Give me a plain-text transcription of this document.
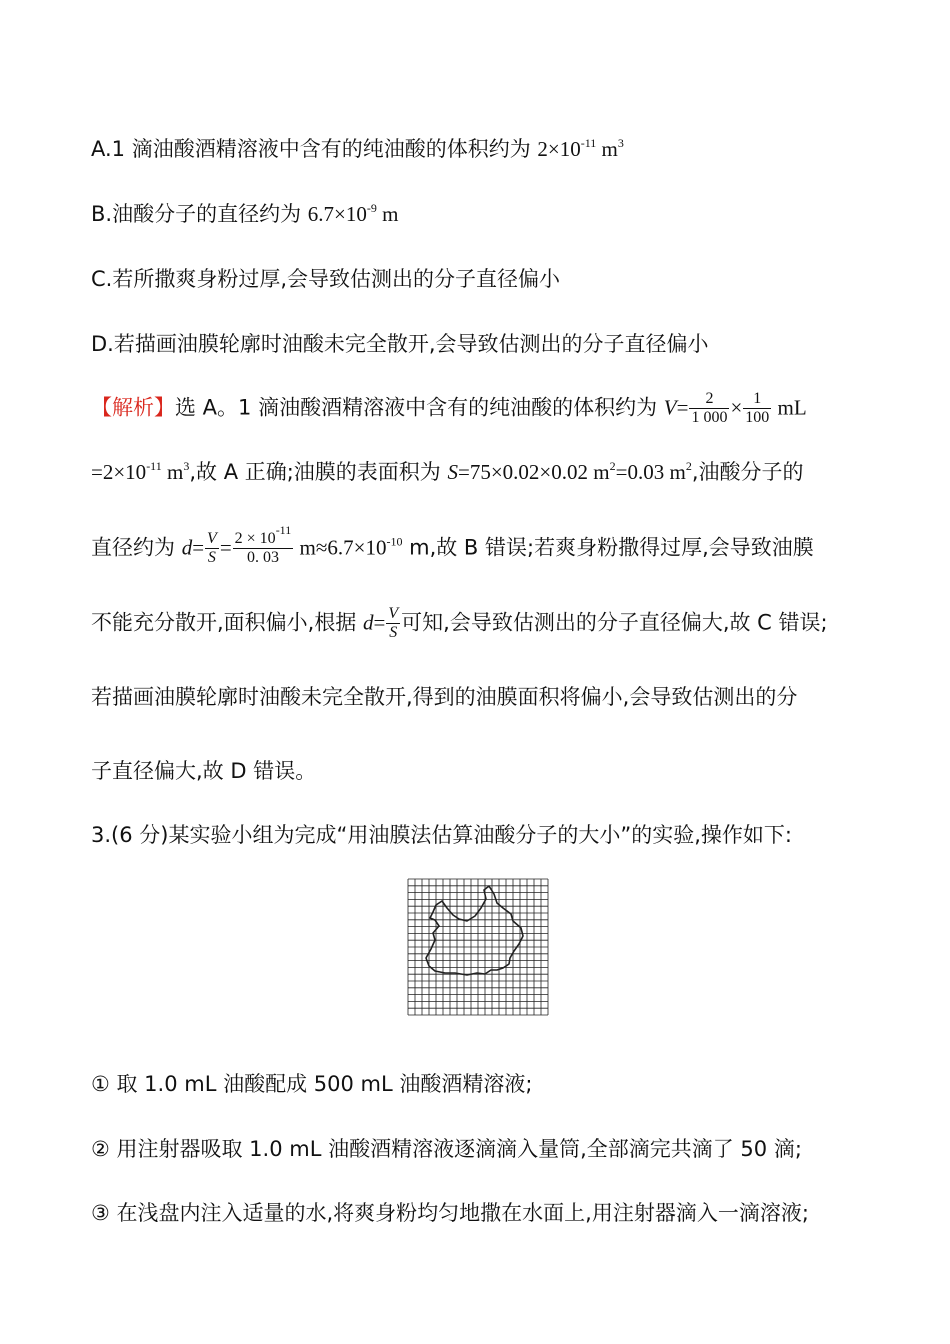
A.1 滴油酸酒精溶液中含有的纯油酸的体积约为 $2\times 10^{-11}$ $m^3$
B.油酸分子的直径约为 $6.7\times 10^{-9}$ m
C.若所撒爽身粉过厚,会导致估测出的分子直径偏小
D.若描画油膜轮廓时油酸未完全散开,会导致估测出的分子直径偏小
【解析】选 A。1 滴油酸酒精溶液中含有的纯油酸的体积约为 $V= \frac{2}{1 000} \times \frac{1}{100}$ mL
$=2\times 10^{-11}$ $m^3$,故 A 正确;油膜的表面积为 S=75×0.02×0.02 $m^2=0.03$ $m^2$,油酸分子的
直径约为 $d= \frac{V}{S} = \frac{2 \times 10^{-11}}{0. 03} m\approx 6.7\times 10^{-10}$ m,故 B 错误;若爽身粉撒得过厚,会导致油膜
不能充分散开,面积偏小,根据 $d= \frac{V}{S}$ 可知,会导致估测出的分子直径偏大,故 C 错误;
若描画油膜轮廓时油酸未完全散开,得到的油膜面积将偏小,会导致估测出的分
子直径偏大,故 D 错误。
3.(6 分)某实验小组为完成“用油膜法估算油酸分子的大小”的实验,操作如下:
① 取 1.0 mL 油酸配成 500 mL 油酸酒精溶液;
② 用注射器吸取 1.0 mL 油酸酒精溶液逐滴滴入量筒,全部滴完共滴了 50 滴;
③ 在浅盘内注入适量的水,将爽身粉均匀地撒在水面上,用注射器滴入一滴溶液;
